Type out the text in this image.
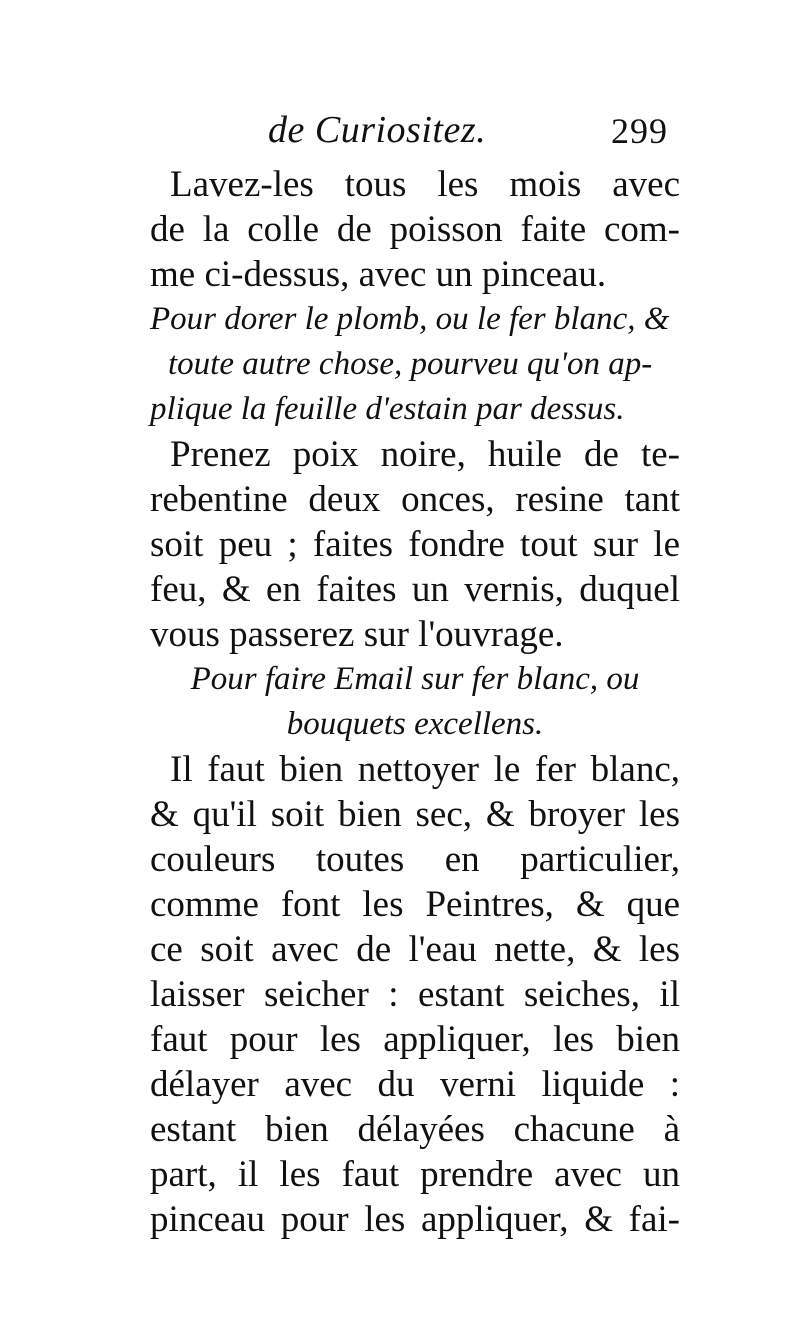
de Curiositez.	299
Lavez-les tous les mois avec
de la colle de poisson faite com-
me ci-dessus, avec un pinceau.
Pour dorer le plomb, ou le fer blanc, &
toute autre chose, pourveu qu'on ap-
plique la feuille d'estain par dessus.
Prenez poix noire, huile de te-
rebentine deux onces, resine tant
soit peu ; faites fondre tout sur le
feu, & en faites un vernis, duquel
vous passerez sur l'ouvrage.
Pour faire Email sur fer blanc, ou
bouquets excellens.
Il faut bien nettoyer le fer blanc,
& qu'il soit bien sec, & broyer les
couleurs toutes en particulier,
comme font les Peintres, & que
ce soit avec de l'eau nette, & les
laisser seicher : estant seiches, il
faut pour les appliquer, les bien
délayer avec du verni liquide :
estant bien délayées chacune à
part, il les faut prendre avec un
pinceau pour les appliquer, & fai-
